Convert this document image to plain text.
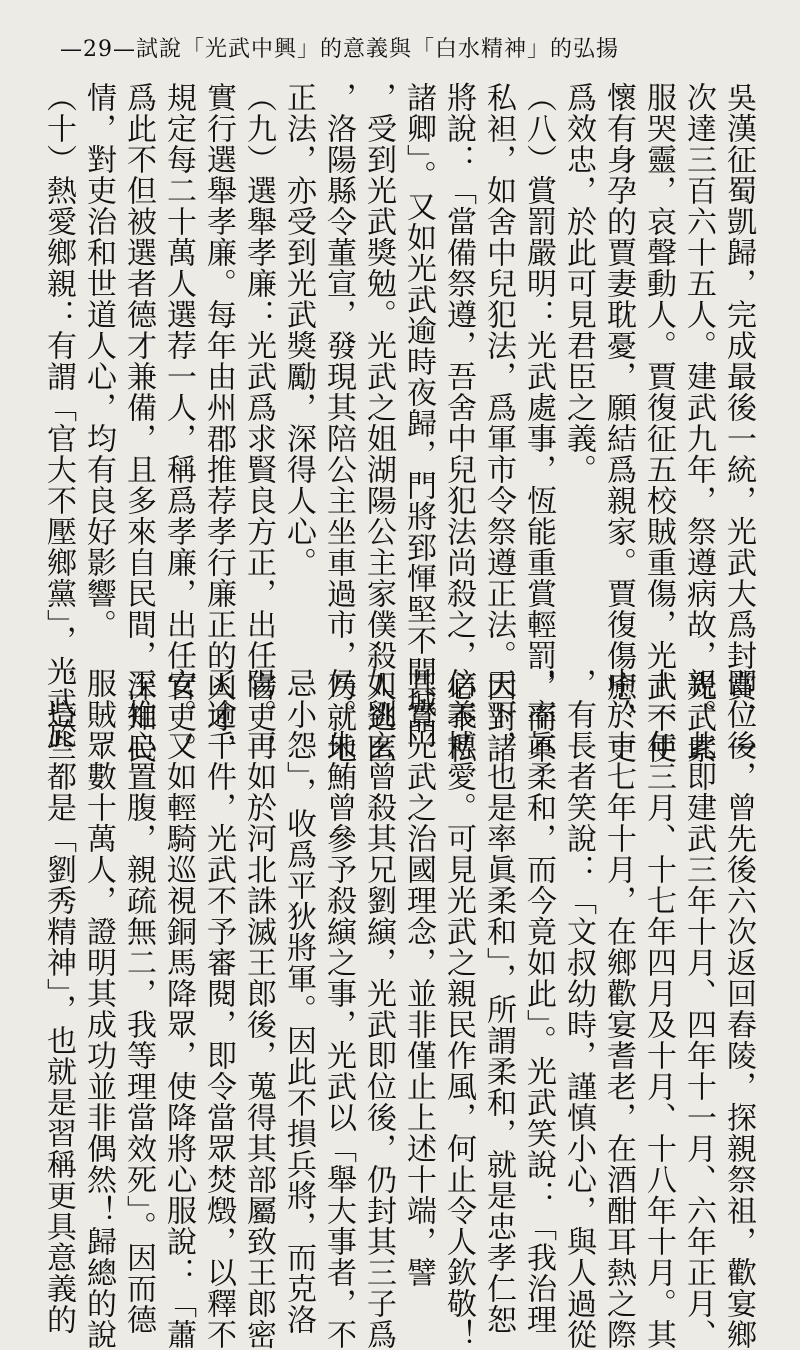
—29—試說「光武中興」的意義與「白水精神」的弘揚
吳漢征蜀凱歸，完成最後一統，光武大爲封賞，一
次達三百六十五人。建武九年，祭遵病故，光武素
服哭靈，哀聲動人。賈復征五校賊重傷，光武不使
懷有身孕的賈妻耽憂，願結爲親家。賈復傷癒，更
爲效忠，於此可見君臣之義。
（八）賞罰嚴明：光武處事，恆能重賞輕罰，而不
私袒，如舍中兒犯法，爲軍市令祭遵正法。因對諸
將說：「當備祭遵，吾舍中兒犯法尚殺之，必不私
諸卿」。又如光武逾時夜歸，門將郅惲堅不開城門
，受到光武獎勉。光武之姐湖陽公主家僕殺人逃匿
，洛陽縣令董宣，發現其陪公主坐車過市，乃就地
正法，亦受到光武獎勵，深得人心。
（九）選舉孝廉：光武爲求賢良方正，出任官吏，
實行選舉孝廉。每年由州郡推荐孝行廉正的人才，
規定每二十萬人選荐一人，稱爲孝廉，出任官吏。
爲此不但被選者德才兼備，且多來自民間，深知民
情，對吏治和世道人心，均有良好影響。
（十）熱愛鄉親：有謂「官大不壓鄉黨」，光武於
即位後，曾先後六次返回舂陵，探親祭祖，歡宴鄉
親。此即建武三年十月、四年十一月、六年正月、
十一年三月、十七年四月及十月、十八年十月。其
中於十七年十月，在鄉歡宴耆老，在酒酣耳熱之際
，有長者笑說：「文叔幼時，謹慎小心，與人過從
，率眞柔和，而今竟如此」。光武笑說：「我治理
天下，也是率眞柔和」，所謂柔和，就是忠孝仁恕
信義博愛。可見光武之親民作風，何止令人欽敬！
其實光武之治國理念，並非僅止上述十端，譬
如劉玄曾殺其兄劉縯，光武即位後，仍封其三子爲
侯。朱鮪曾參予殺縯之事，光武以「舉大事者，不
忌小怨」，收爲平狄將軍。因此不損兵將，而克洛
陽。再如於河北誅滅王郎後，蒐得其部屬致王郎密
函逾千件，光武不予審閱，即令當眾焚燬，以釋不
安。又如輕騎巡視銅馬降眾，使降將心服說：「蕭
王推心置腹，親疏無二，我等理當效死」。因而德
服賊眾數十萬人，證明其成功並非偶然！歸總的說
，這些都是「劉秀精神」，也就是習稱更具意義的
